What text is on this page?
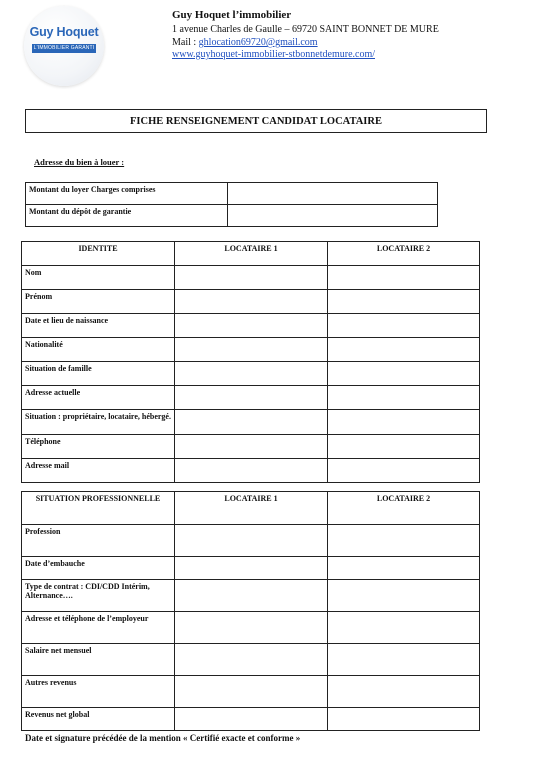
Guy Hoquet
L'IMMOBILIER GARANTI
Guy Hoquet l’immobilier
1 avenue Charles de Gaulle – 69720 SAINT BONNET DE MURE
Mail : ghlocation69720@gmail.com
www.guyhoquet-immobilier-stbonnetdemure.com/
FICHE RENSEIGNEMENT CANDIDAT LOCATAIRE
Adresse du bien à louer :
Montant du loyer Charges comprises	
Montant du dépôt de garantie	
IDENTITE	LOCATAIRE 1	LOCATAIRE 2
Nom		
Prénom		
Date et lieu de naissance		
Nationalité		
Situation de famille		
Adresse actuelle		
Situation : propriétaire, locataire, hébergé.		
Téléphone		
Adresse mail		
SITUATION PROFESSIONNELLE	LOCATAIRE 1	LOCATAIRE 2
Profession		
Date d’embauche		
Type de contrat : CDI/CDD Intérim, Alternance….		
Adresse et téléphone de l’employeur		
Salaire net mensuel		
Autres revenus		
Revenus net global		
Date et signature précédée de la mention « Certifié exacte et conforme »
